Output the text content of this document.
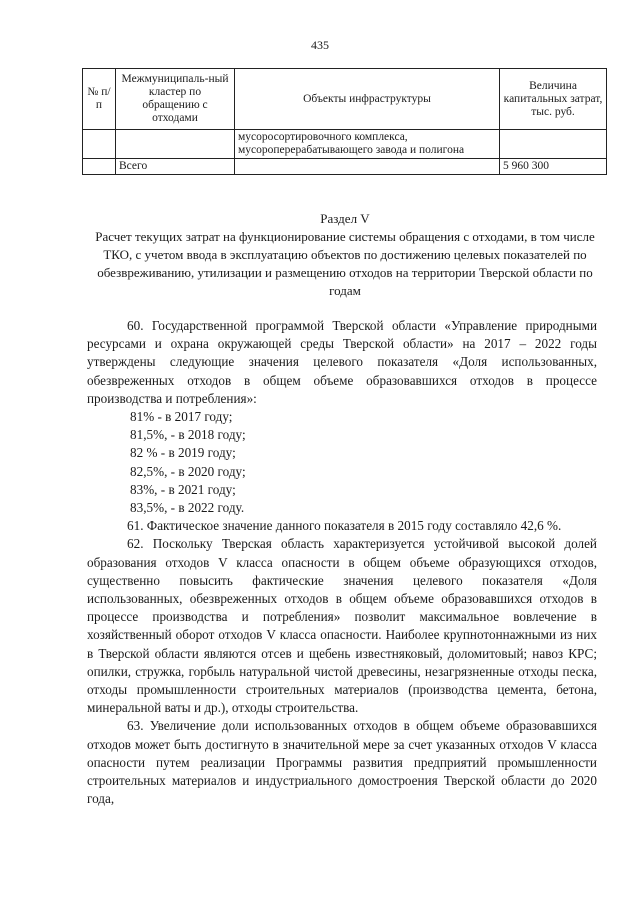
435
№ п/п	Межмуниципаль-ный кластер по обращению с отходами	Объекты инфраструктуры	Величина капитальных затрат, тыс. руб.
		мусоросортировочного комплекса, мусороперерабатывающего завода и полигона	
	Всего		5 960 300
Раздел V
Расчет текущих затрат на функционирование системы обращения с отходами, в том числе ТКО, с учетом ввода в эксплуатацию объектов по достижению целевых показателей по обезвреживанию, утилизации и размещению отходов на территории Тверской области по годам

60. Государственной программой Тверской области «Управление природными ресурсами и охрана окружающей среды Тверской области» на 2017 – 2022 годы утверждены следующие значения целевого показателя «Доля использованных, обезвреженных отходов в общем объеме образовавшихся отходов в процессе производства и потребления»:

81% - в 2017 году;

81,5%, - в 2018 году;

82 % - в 2019 году;

82,5%, - в 2020 году;

83%, - в 2021 году;

83,5%, - в 2022 году.

61. Фактическое значение данного показателя в 2015 году составляло 42,6 %.

62. Поскольку Тверская область характеризуется устойчивой высокой долей образования отходов V класса опасности в общем объеме образующихся отходов, существенно повысить фактические значения целевого показателя «Доля использованных, обезвреженных отходов в общем объеме образовавшихся отходов в процессе производства и потребления» позволит максимальное вовлечение в хозяйственный оборот отходов V класса опасности. Наиболее крупнотоннажными из них в Тверской области являются отсев и щебень известняковый, доломитовый; навоз КРС; опилки, стружка, горбыль натуральной чистой древесины, незагрязненные отходы песка, отходы промышленности строительных материалов (производства цемента, бетона, минеральной ваты и др.), отходы строительства.

63. Увеличение доли использованных отходов в общем объеме образовавшихся отходов может быть достигнуто в значительной мере за счет указанных отходов V класса опасности путем реализации Программы развития предприятий промышленности строительных материалов и индустриального домостроения Тверской области до 2020 года,
